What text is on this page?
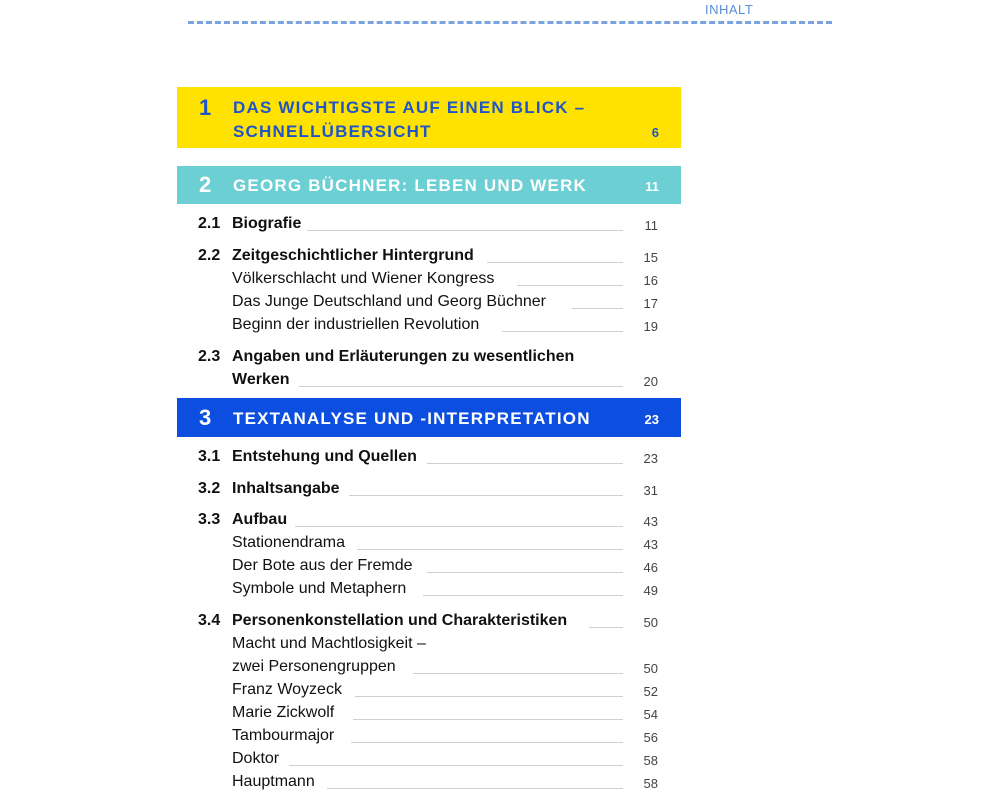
INHALT
1 DAS WICHTIGSTE AUF EINEN BLICK –
SCHNELLÜBERSICHT	6
2 GEORG BÜCHNER: LEBEN UND WERK	11
2.1 Biografie	11
2.2 Zeitgeschichtlicher Hintergrund	15
Völkerschlacht und Wiener Kongress	16
Das Junge Deutschland und Georg Büchner	17
Beginn der industriellen Revolution	19
2.3 Angaben und Erläuterungen zu wesentlichen
Werken	20
3 TEXTANALYSE UND -INTERPRETATION	23
3.1 Entstehung und Quellen	23
3.2 Inhaltsangabe	31
3.3 Aufbau	43
Stationendrama	43
Der Bote aus der Fremde	46
Symbole und Metaphern	49
3.4 Personenkonstellation und Charakteristiken	50
Macht und Machtlosigkeit –
zwei Personengruppen	50
Franz Woyzeck	52
Marie Zickwolf	54
Tambourmajor	56
Doktor	58
Hauptmann	58
